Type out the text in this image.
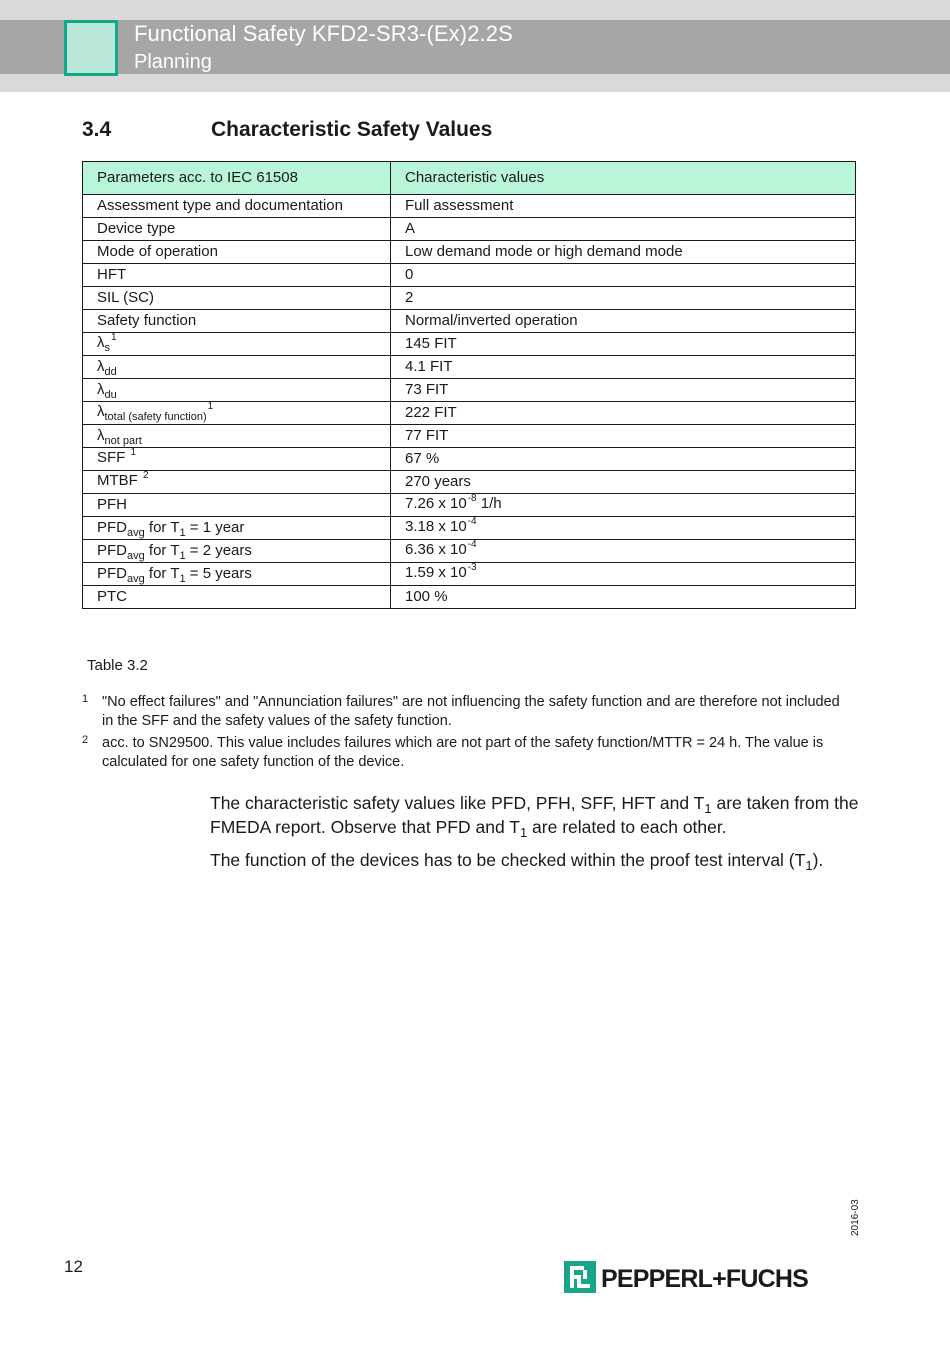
Functional Safety KFD2-SR3-(Ex)2.2S
Planning
3.4	Characteristic Safety Values
Parameters acc. to IEC 61508	Characteristic values
Assessment type and documentation	Full assessment
Device type	A
Mode of operation	Low demand mode or high demand mode
HFT	0
SIL (SC)	2
Safety function	Normal/inverted operation
$\lambda_s^1$	145 FIT
$\lambda_{dd}$	4.1 FIT
$\lambda_{du}$	73 FIT
$\lambda_{total (safety function)}^1$	222 FIT
$\lambda_{not part}$	77 FIT
SFF $^1$	67 %
MTBF $^2$	270 years
PFH	7.26 x $10^{-8}$ 1/h
$PFD_{avg}$ for $T_1 = 1$ year	3.18 x $10^{-4}$
$PFD_{avg}$ for $T_1 = 2$ years	6.36 x $10^{-4}$
$PFD_{avg}$ for $T_1 = 5$ years	1.59 x $10^{-3}$
PTC	100 %
Table 3.2
1 "No effect failures" and "Annunciation failures" are not influencing the safety function and are therefore not included in the SFF and the safety values of the safety function.
2 acc. to SN29500. This value includes failures which are not part of the safety function/MTTR = 24 h. The value is calculated for one safety function of the device.
The characteristic safety values like PFD, PFH, SFF, HFT and $T_1$ are taken from the FMEDA report. Observe that PFD and $T_1$ are related to each other.
The function of the devices has to be checked within the proof test interval $(T_1)$.
12
2016-03
PEPPERL+FUCHS
